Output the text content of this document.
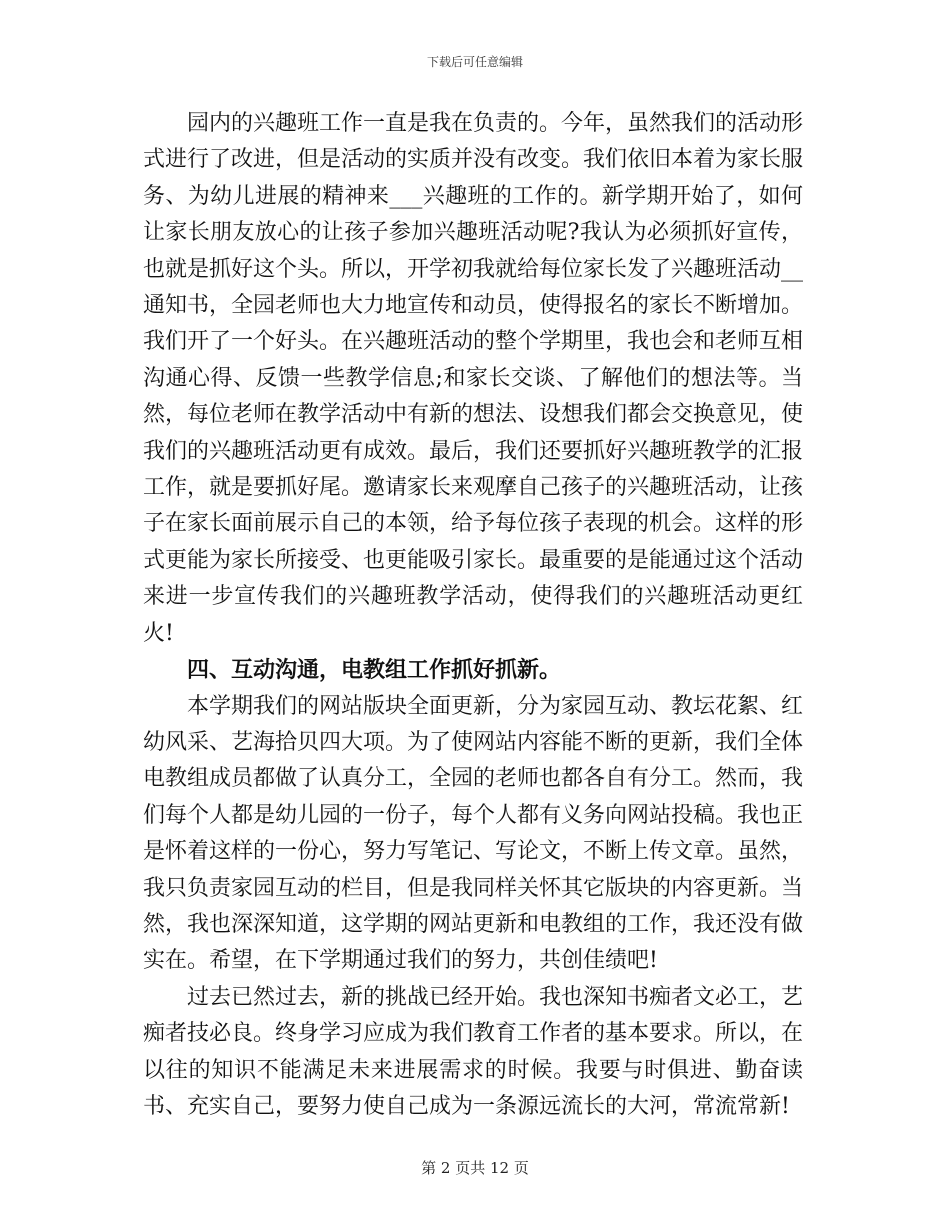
下载后可任意编辑

园内的兴趣班工作一直是我在负责的。今年，虽然我们的活动形式进行了改进，但是活动的实质并没有改变。我们依旧本着为家长服务、为幼儿进展的精神来___兴趣班的工作的。新学期开始了，如何让家长朋友放心的让孩子参加兴趣班活动呢?我认为必须抓好宣传，也就是抓好这个头。所以，开学初我就给每位家长发了兴趣班活动__通知书，全园老师也大力地宣传和动员，使得报名的家长不断增加。我们开了一个好头。在兴趣班活动的整个学期里，我也会和老师互相沟通心得、反馈一些教学信息;和家长交谈、了解他们的想法等。当然，每位老师在教学活动中有新的想法、设想我们都会交换意见，使我们的兴趣班活动更有成效。最后，我们还要抓好兴趣班教学的汇报工作，就是要抓好尾。邀请家长来观摩自己孩子的兴趣班活动，让孩子在家长面前展示自己的本领，给予每位孩子表现的机会。这样的形式更能为家长所接受、也更能吸引家长。最重要的是能通过这个活动来进一步宣传我们的兴趣班教学活动，使得我们的兴趣班活动更红火!

四、互动沟通，电教组工作抓好抓新。

本学期我们的网站版块全面更新，分为家园互动、教坛花絮、红幼风采、艺海拾贝四大项。为了使网站内容能不断的更新，我们全体电教组成员都做了认真分工，全园的老师也都各自有分工。然而，我们每个人都是幼儿园的一份子，每个人都有义务向网站投稿。我也正是怀着这样的一份心，努力写笔记、写论文，不断上传文章。虽然，我只负责家园互动的栏目，但是我同样关怀其它版块的内容更新。当然，我也深深知道，这学期的网站更新和电教组的工作，我还没有做实在。希望，在下学期通过我们的努力，共创佳绩吧!

过去已然过去，新的挑战已经开始。我也深知书痴者文必工，艺痴者技必良。终身学习应成为我们教育工作者的基本要求。所以，在以往的知识不能满足未来进展需求的时候。我要与时俱进、勤奋读书、充实自己，要努力使自己成为一条源远流长的大河，常流常新!

第 2 页共 12 页
